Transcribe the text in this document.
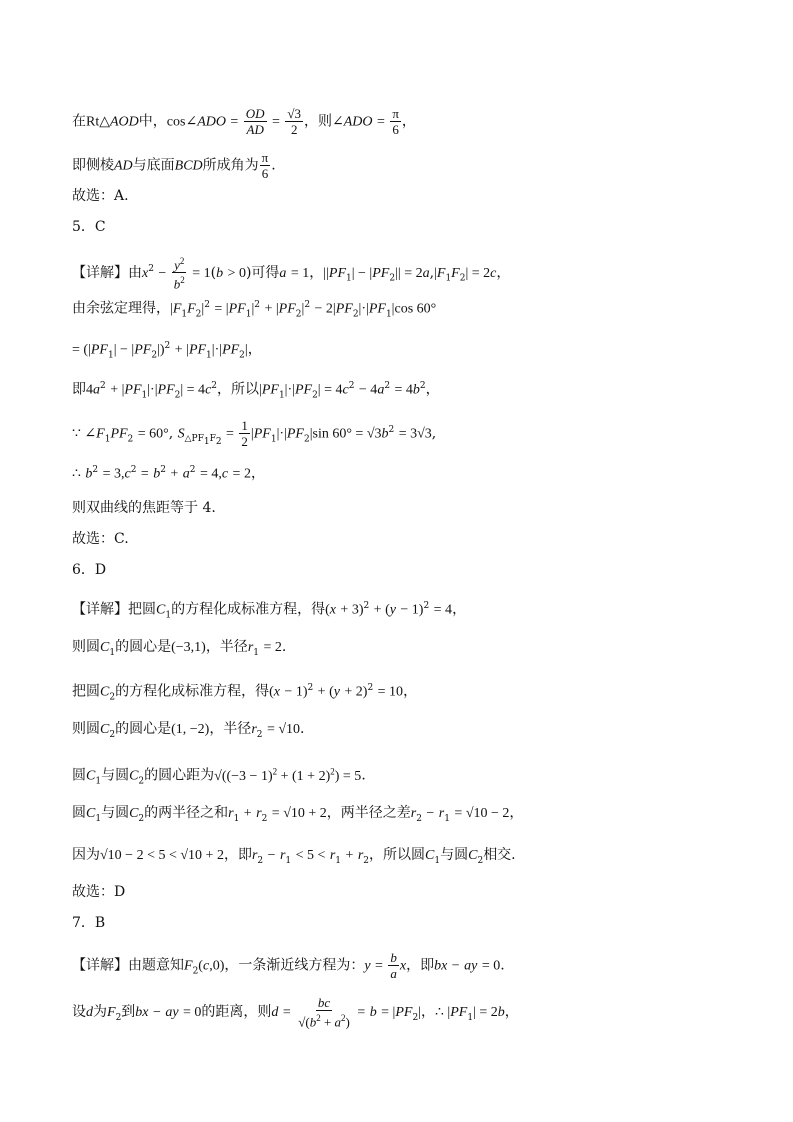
在Rt△AOD中，cos∠ADO = $\frac{OD}{AD} = \frac{√3}{2}$ ，则∠ADO = $\frac{\pi}{6}$ ，
即侧棱AD与底面BCD所成角为 $\frac{\pi}{6}$ .
故选：A.
5．C
【详解】由$x^2 - \frac{y^2}{b^2} = 1(b > 0)$可得a = 1，$||PF_1| - |PF_2|| = 2a,|F_1F_2| = 2c$，
由余弦定理得，$|F_1F_2|^2 = |PF_1|^2 + |PF_2|^2 - 2|PF_2|\cdot|PF_1|\cos$ 60°
= $(|PF_1| - |PF_2|)^2 + |PF_1|\cdot|PF_2|$，
即$4a^2 + |PF_1|\cdot|PF_2| = 4c^2$，所以$|PF_1|\cdot|PF_2| = 4c^2 - 4a^2 = 4b^2$，
∵ $\angle F_1PF_2 = 60^\circ$, $S_{\triangle PF_1F_2} = \frac{1}{2} |PF_1|\cdot|PF_2|\sin$ $60^\circ = √3b^2 = 3√3$,
∴ $b^2 = 3,c^2 = b^2 + a^2 = 4,c = 2$，
则双曲线的焦距等于 4.
故选：C.
6．D
【详解】把圆$C_1$的方程化成标准方程，得$(x + 3)^2 + (y - 1)^2 = 4$，
则圆$C_1$的圆心是(−3,1)，半径$r_1 = 2$.
把圆$C_2$的方程化成标准方程，得$(x - 1)^2 + (y + 2)^2 = 10$，
则圆$C_2$的圆心是(1, −2)，半径$r_2 = √10$.
圆$C_1$与圆$C_2$的圆心距为$√((-3 - 1)^2 + (1 + 2)^2) = 5$.
圆$C_1$与圆$C_2$的两半径之和$r_1 + r_2 = √10 + 2$，两半径之差$r_2 - r_1 = √10 - 2$，
因为√10 − 2 < 5 < √10 + 2，即$r_2 - r_1 < 5 < r_1 + r_2$，所以圆$C_1$与圆$C_2$相交.
故选：D
7．B
【详解】由题意知$F_2(c,0)$，一条渐近线方程为：$y = \frac{b}{a}$ x，即bx − ay = 0.
设d为$F_2$到bx − ay = 0的距离，则$d = \frac{bc}{√(b^2 + a^2)} = b = |PF_2|$，∴ $|PF_1| = 2b$，
